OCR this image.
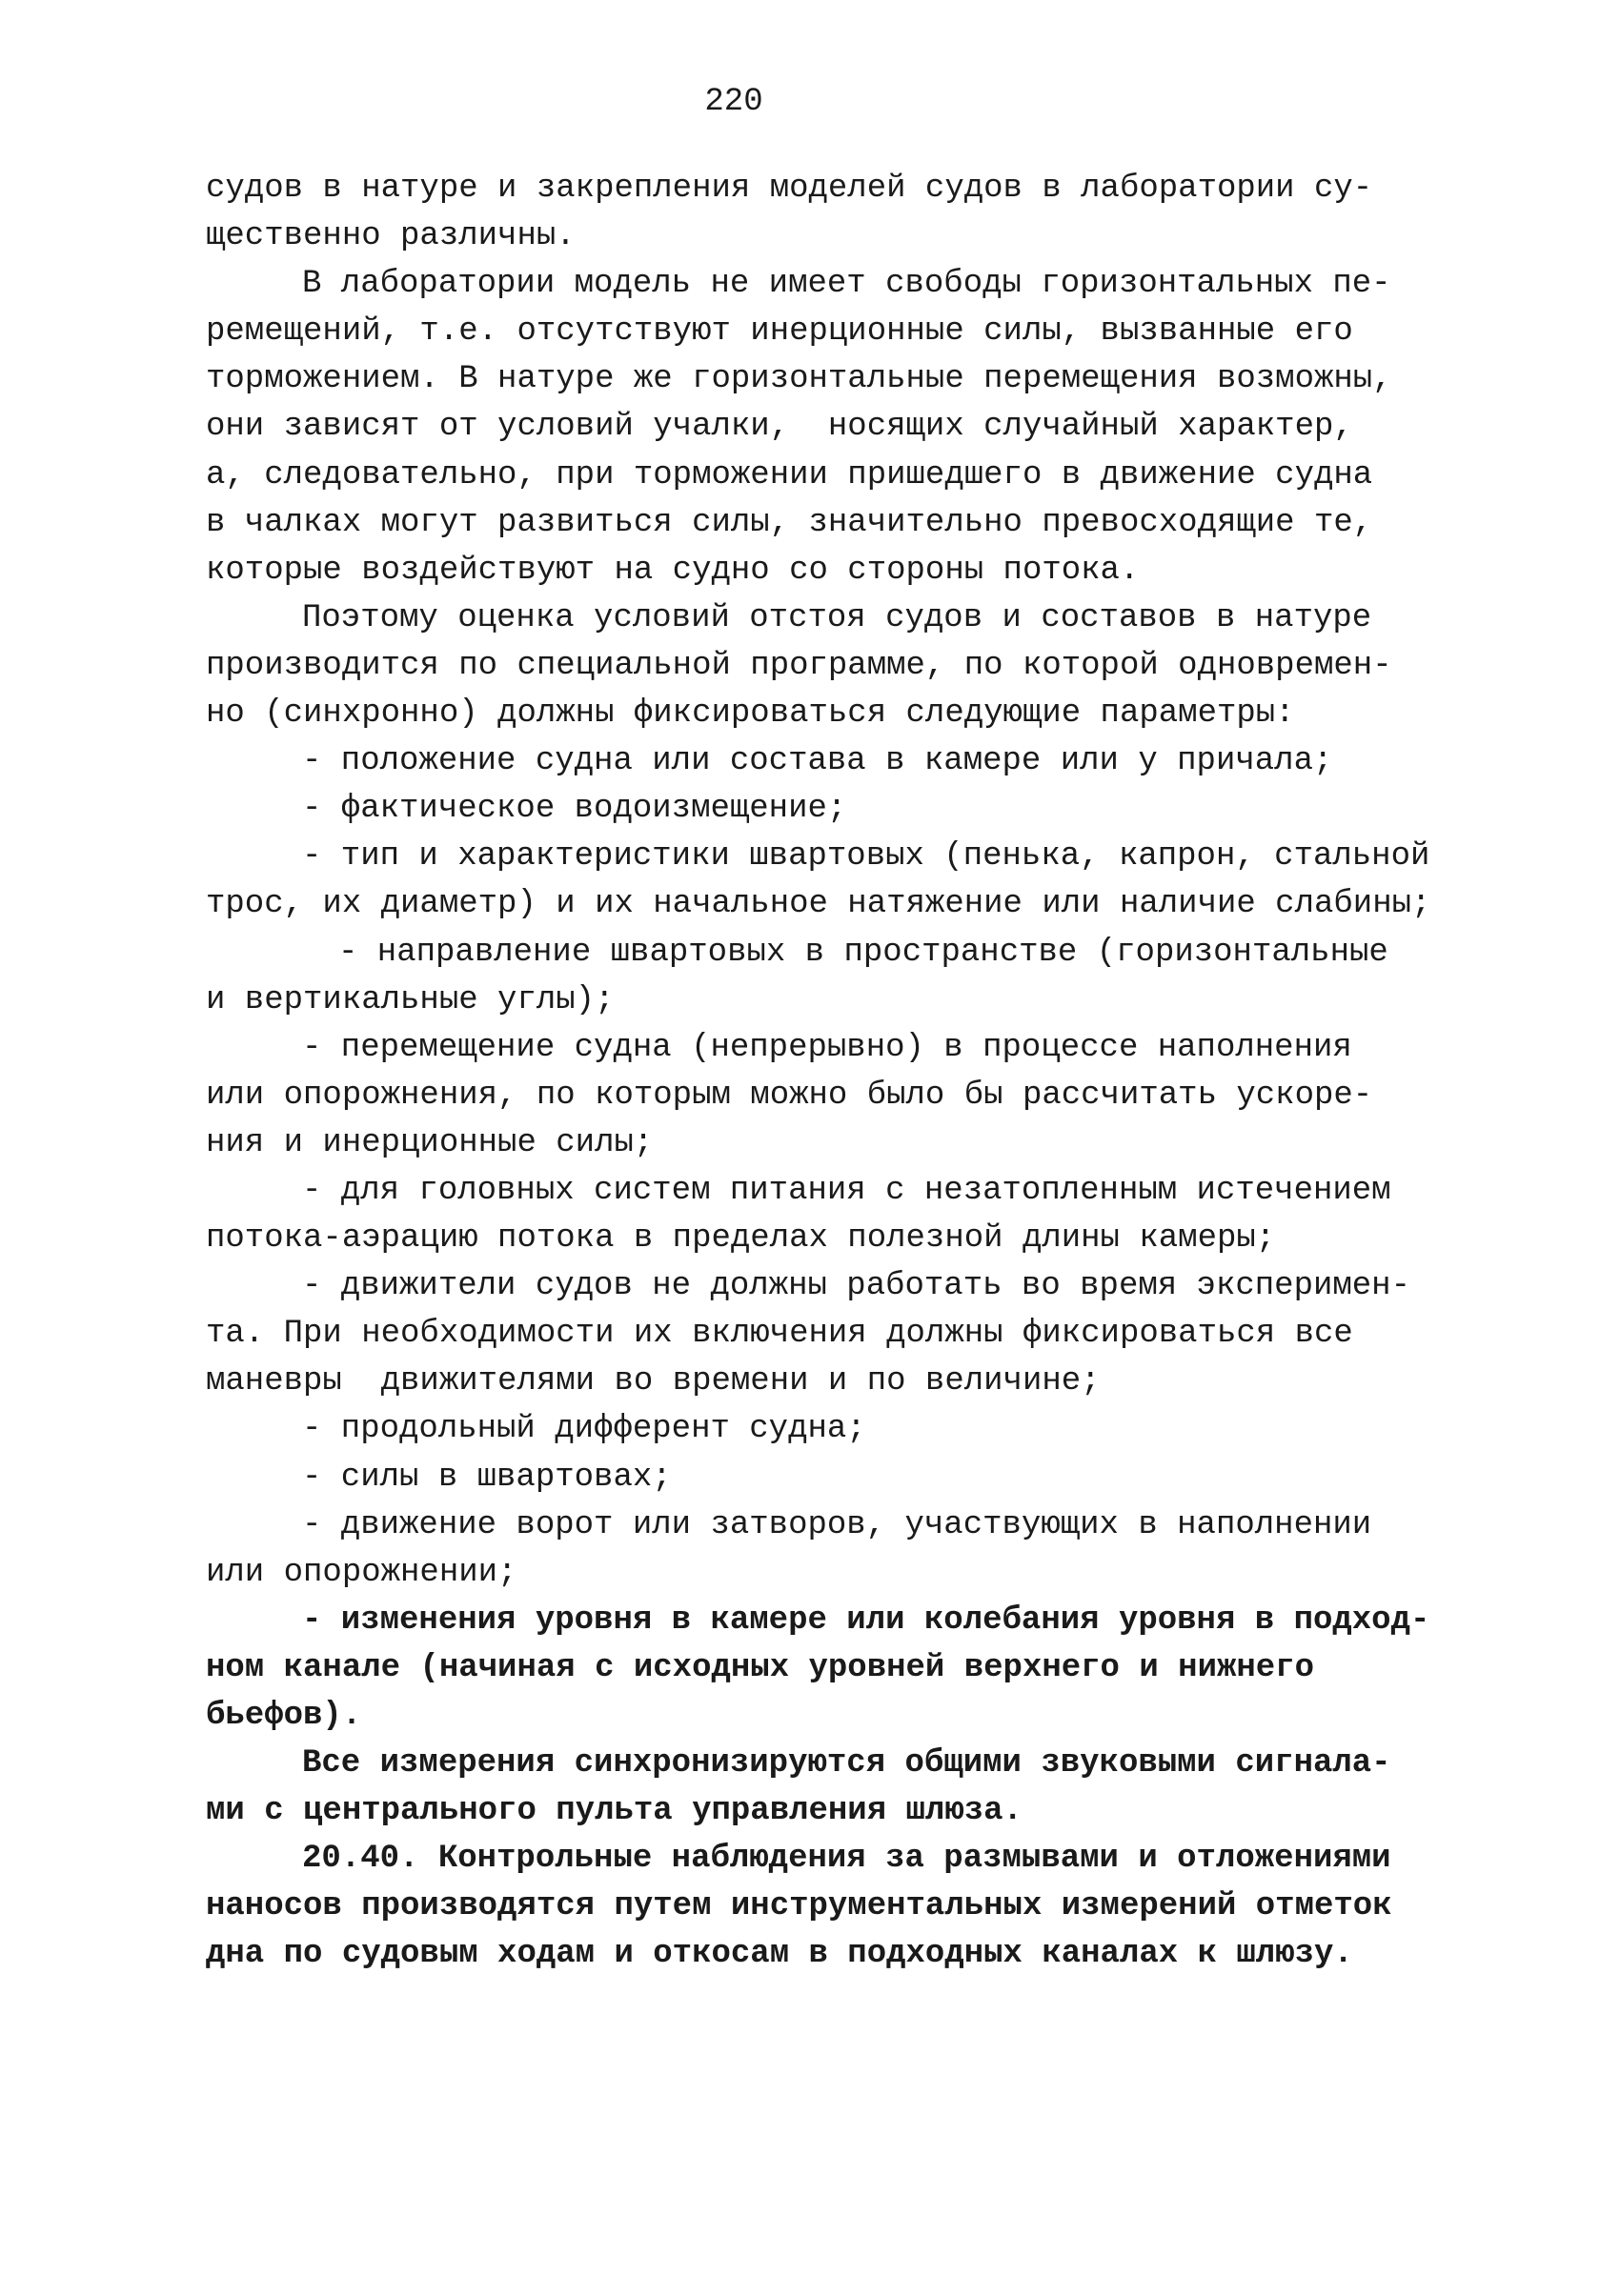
220
судов в натуре и закрепления моделей судов в лаборатории су-
щественно различны.
В лаборатории модель не имеет свободы горизонтальных пе-
ремещений, т.е. отсутствуют инерционные силы, вызванные его
торможением. В натуре же горизонтальные перемещения возможны,
они зависят от условий учалки,  носящих случайный характер,
а, следовательно, при торможении пришедшего в движение судна
в чалках могут развиться силы, значительно превосходящие те,
которые воздействуют на судно со стороны потока.
Поэтому оценка условий отстоя судов и составов в натуре
производится по специальной программе, по которой одновремен-
но (синхронно) должны фиксироваться следующие параметры:
- положение судна или состава в камере или у причала;
- фактическое водоизмещение;
- тип и характеристики швартовых (пенька, капрон, стальной
трос, их диаметр) и их начальное натяжение или наличие слабины;
- направление швартовых в пространстве (горизонтальные
и вертикальные углы);
- перемещение судна (непрерывно) в процессе наполнения
или опорожнения, по которым можно было бы рассчитать ускоре-
ния и инерционные силы;
- для головных систем питания с незатопленным истечением
потока-аэрацию потока в пределах полезной длины камеры;
- движители судов не должны работать во время эксперимен-
та. При необходимости их включения должны фиксироваться все
маневры  движителями во времени и по величине;
- продольный дифферент судна;
- силы в швартовах;
- движение ворот или затворов, участвующих в наполнении
или опорожнении;
- изменения уровня в камере или колебания уровня в подход-
ном канале (начиная с исходных уровней верхнего и нижнего
бьефов).
Все измерения синхронизируются общими звуковыми сигнала-
ми с центрального пульта управления шлюза.
20.40. Контрольные наблюдения за размывами и отложениями
наносов производятся путем инструментальных измерений отметок
дна по судовым ходам и откосам в подходных каналах к шлюзу.
